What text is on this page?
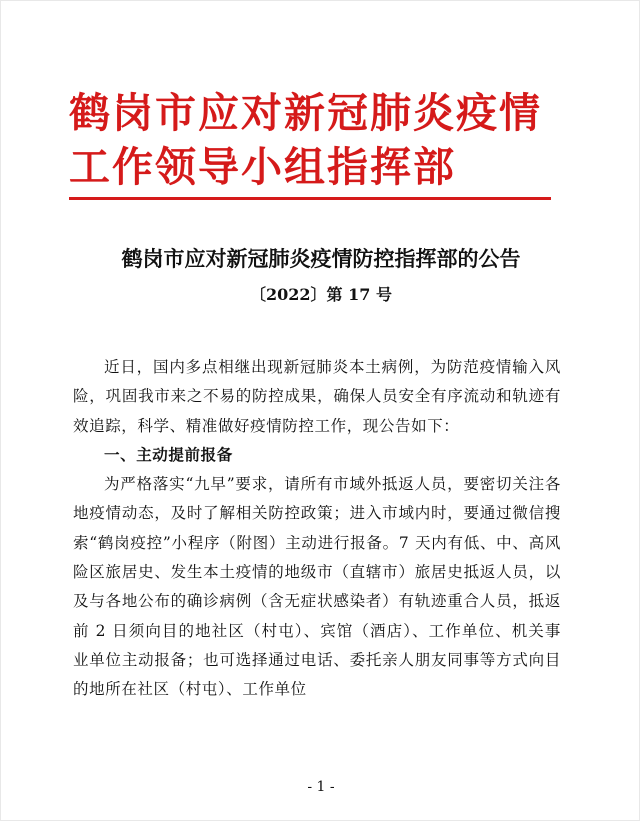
鹤岗市应对新冠肺炎疫情
工作领导小组指挥部
鹤岗市应对新冠肺炎疫情防控指挥部的公告
〔2022〕第 17 号

近日，国内多点相继出现新冠肺炎本土病例，为防范疫情输入风险，巩固我市来之不易的防控成果，确保人员安全有序流动和轨迹有效追踪，科学、精准做好疫情防控工作，现公告如下：

一、主动提前报备

为严格落实“九早”要求，请所有市域外抵返人员，要密切关注各地疫情动态，及时了解相关防控政策；进入市域内时，要通过微信搜索“鹤岗疫控”小程序（附图）主动进行报备。7 天内有低、中、高风险区旅居史、发生本土疫情的地级市（直辖市）旅居史抵返人员，以及与各地公布的确诊病例（含无症状感染者）有轨迹重合人员，抵返前 2 日须向目的地社区（村屯）、宾馆（酒店）、工作单位、机关事业单位主动报备；也可选择通过电话、委托亲人朋友同事等方式向目的地所在社区（村屯）、工作单位

- 1 -
